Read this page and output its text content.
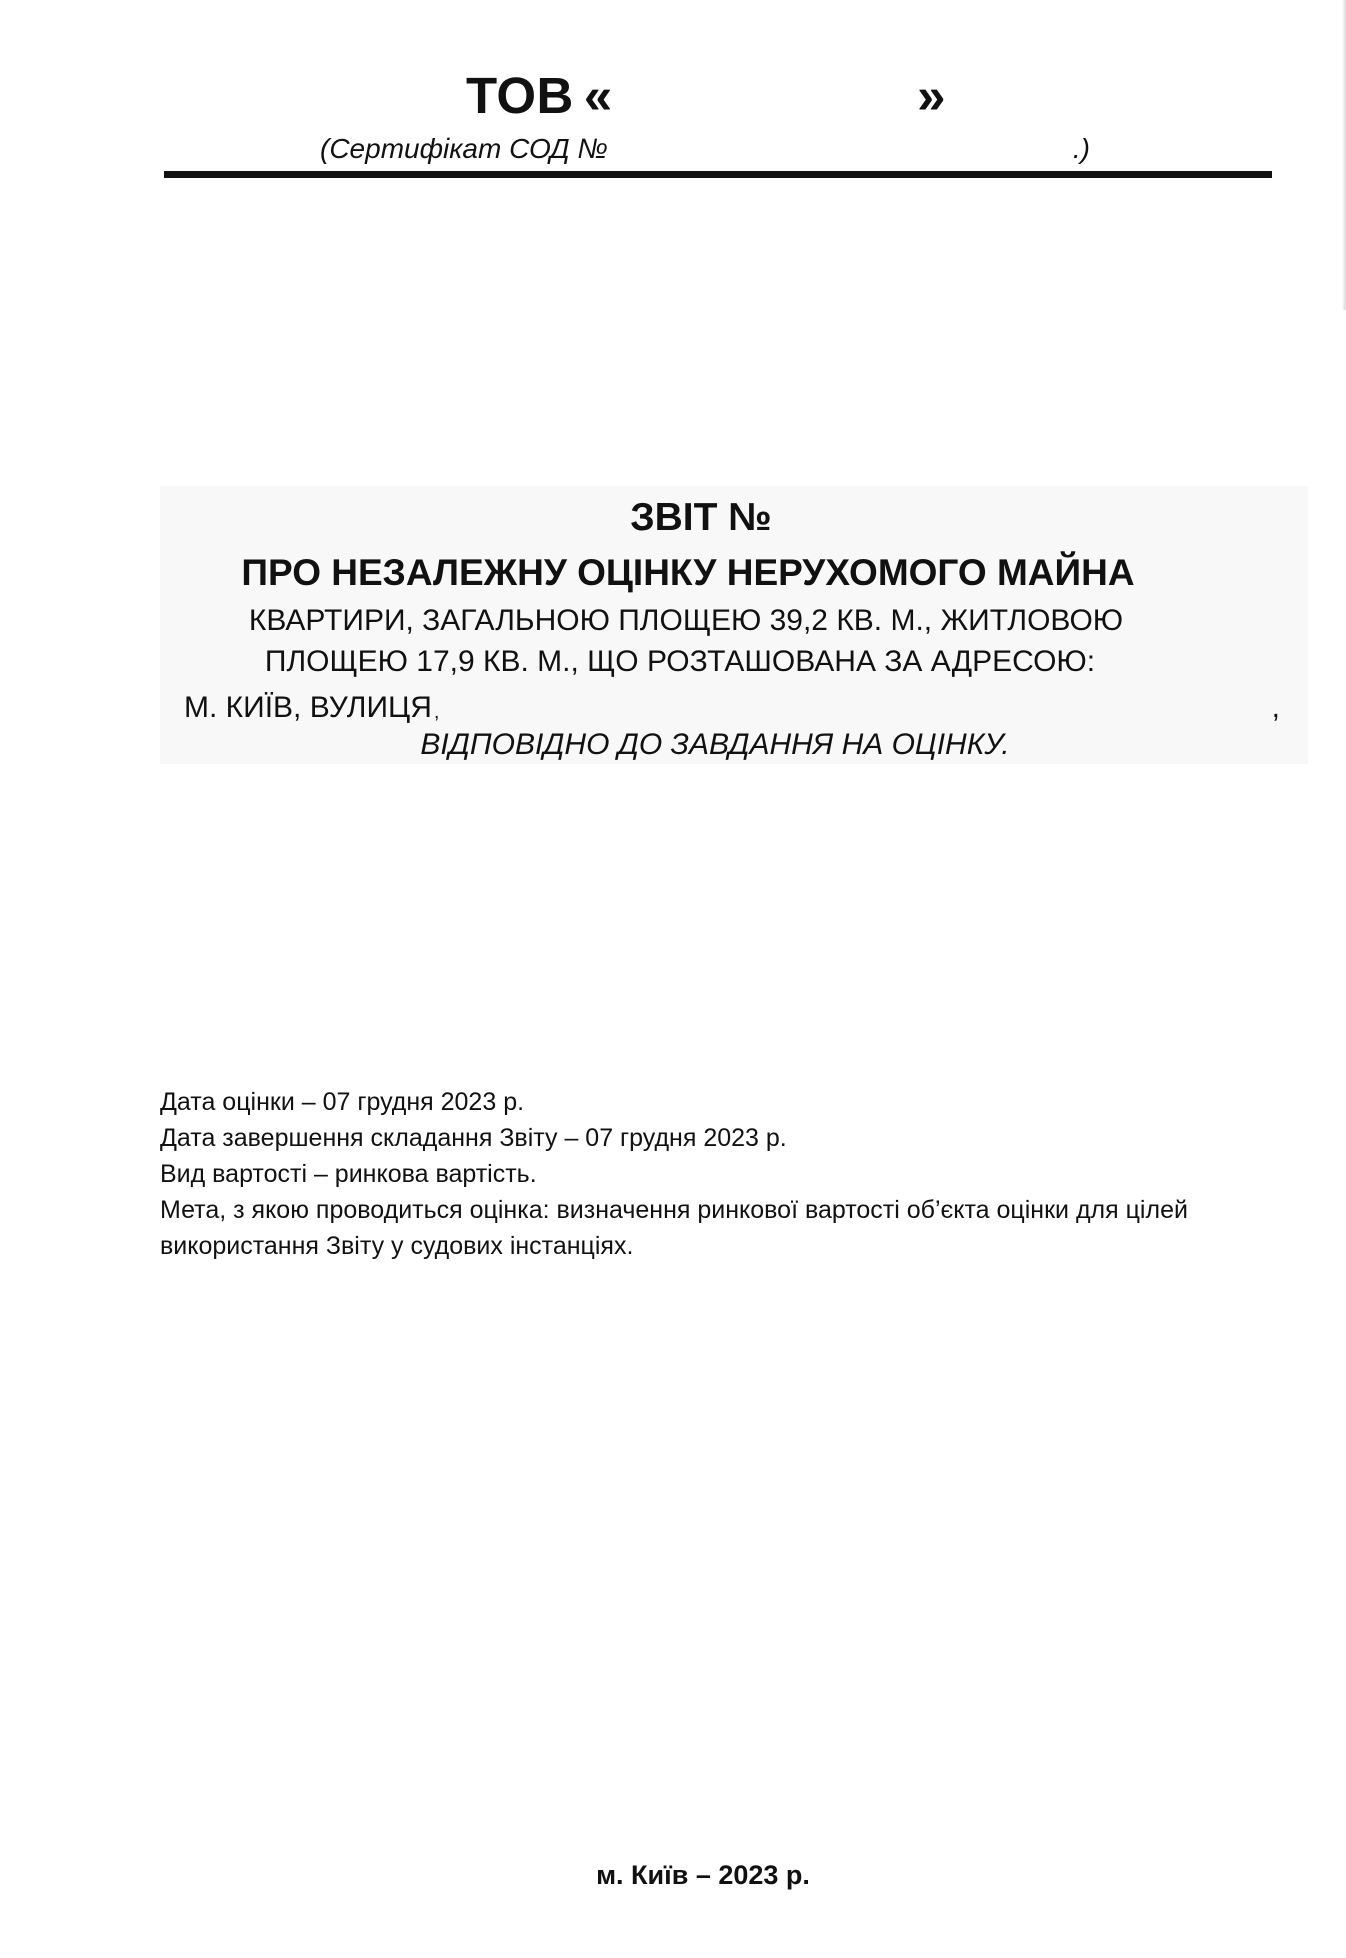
ТОВ «	»
(Сертифікат СОД №	.)
ЗВІТ №
ПРО НЕЗАЛЕЖНУ ОЦІНКУ НЕРУХОМОГО МАЙНА
КВАРТИРИ, ЗАГАЛЬНОЮ ПЛОЩЕЮ 39,2 КВ. М., ЖИТЛОВОЮ
ПЛОЩЕЮ 17,9 КВ. М., ЩО РОЗТАШОВАНА ЗА АДРЕСОЮ:
М. КИЇВ, ВУЛИЦЯ ,	,
ВІДПОВІДНО ДО ЗАВДАННЯ НА ОЦІНКУ.

Дата оцінки – 07 грудня 2023 р.

Дата завершення складання Звіту – 07 грудня 2023 р.

Вид вартості – ринкова вартість.

Мета, з якою проводиться оцінка: визначення ринкової вартості об’єкта оцінки для цілей

використання Звіту у судових інстанціях.

м. Київ – 2023 р.
